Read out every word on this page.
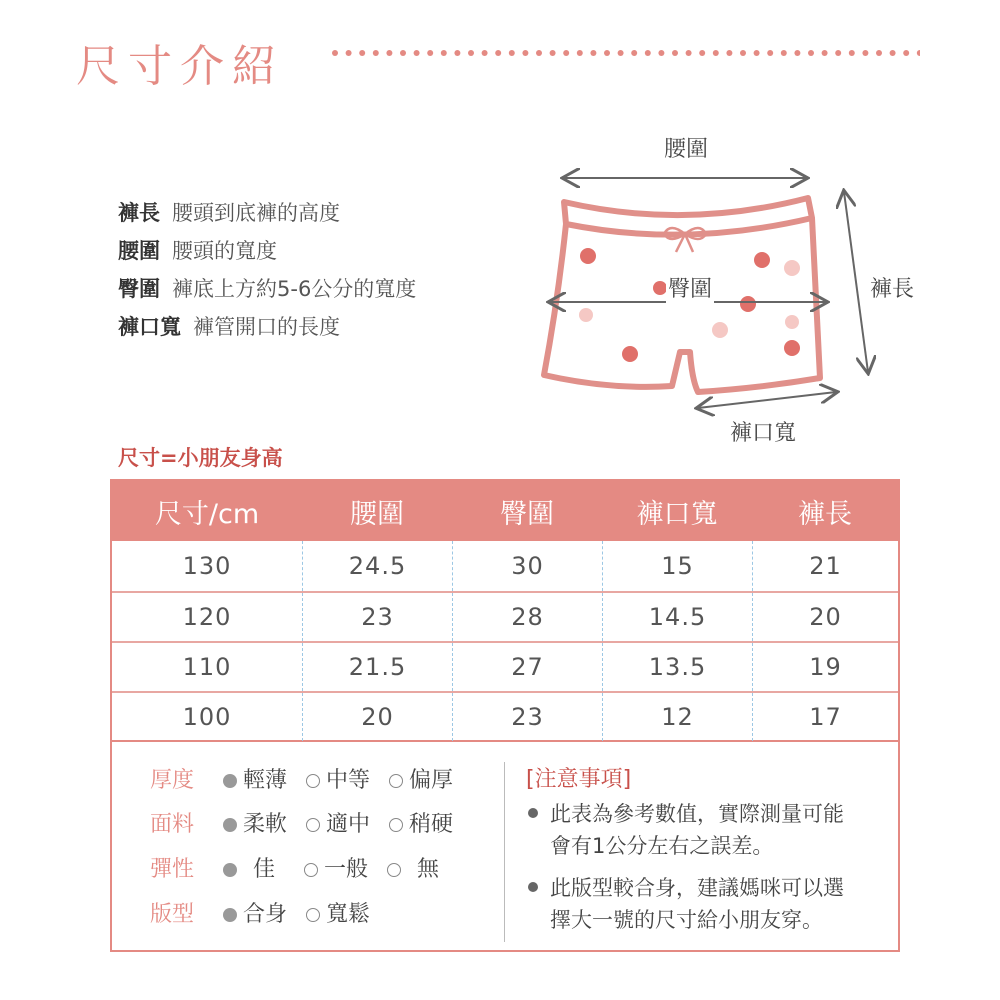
尺寸介紹
褲長 腰頭到底褲的高度
腰圍 腰頭的寬度
臀圍 褲底上方約5-6公分的寬度
褲口寬 褲管開口的長度
腰圍
臀圍	褲長
褲口寬
尺寸=小朋友身高
尺寸/cm	腰圍	臀圍	褲口寬	褲長
130	24.5	30	15	21
120	23	28	14.5	20
110	21.5	27	13.5	19
100	20	23	12	17
厚度 輕薄 中等 偏厚
面料 柔軟 適中 稍硬
彈性	佳 一般 無
版型 合身 寬鬆
[注意事項]
此表為參考數值，實際測量可能
會有1公分左右之誤差。
此版型較合身，建議媽咪可以選
擇大一號的尺寸給小朋友穿。
